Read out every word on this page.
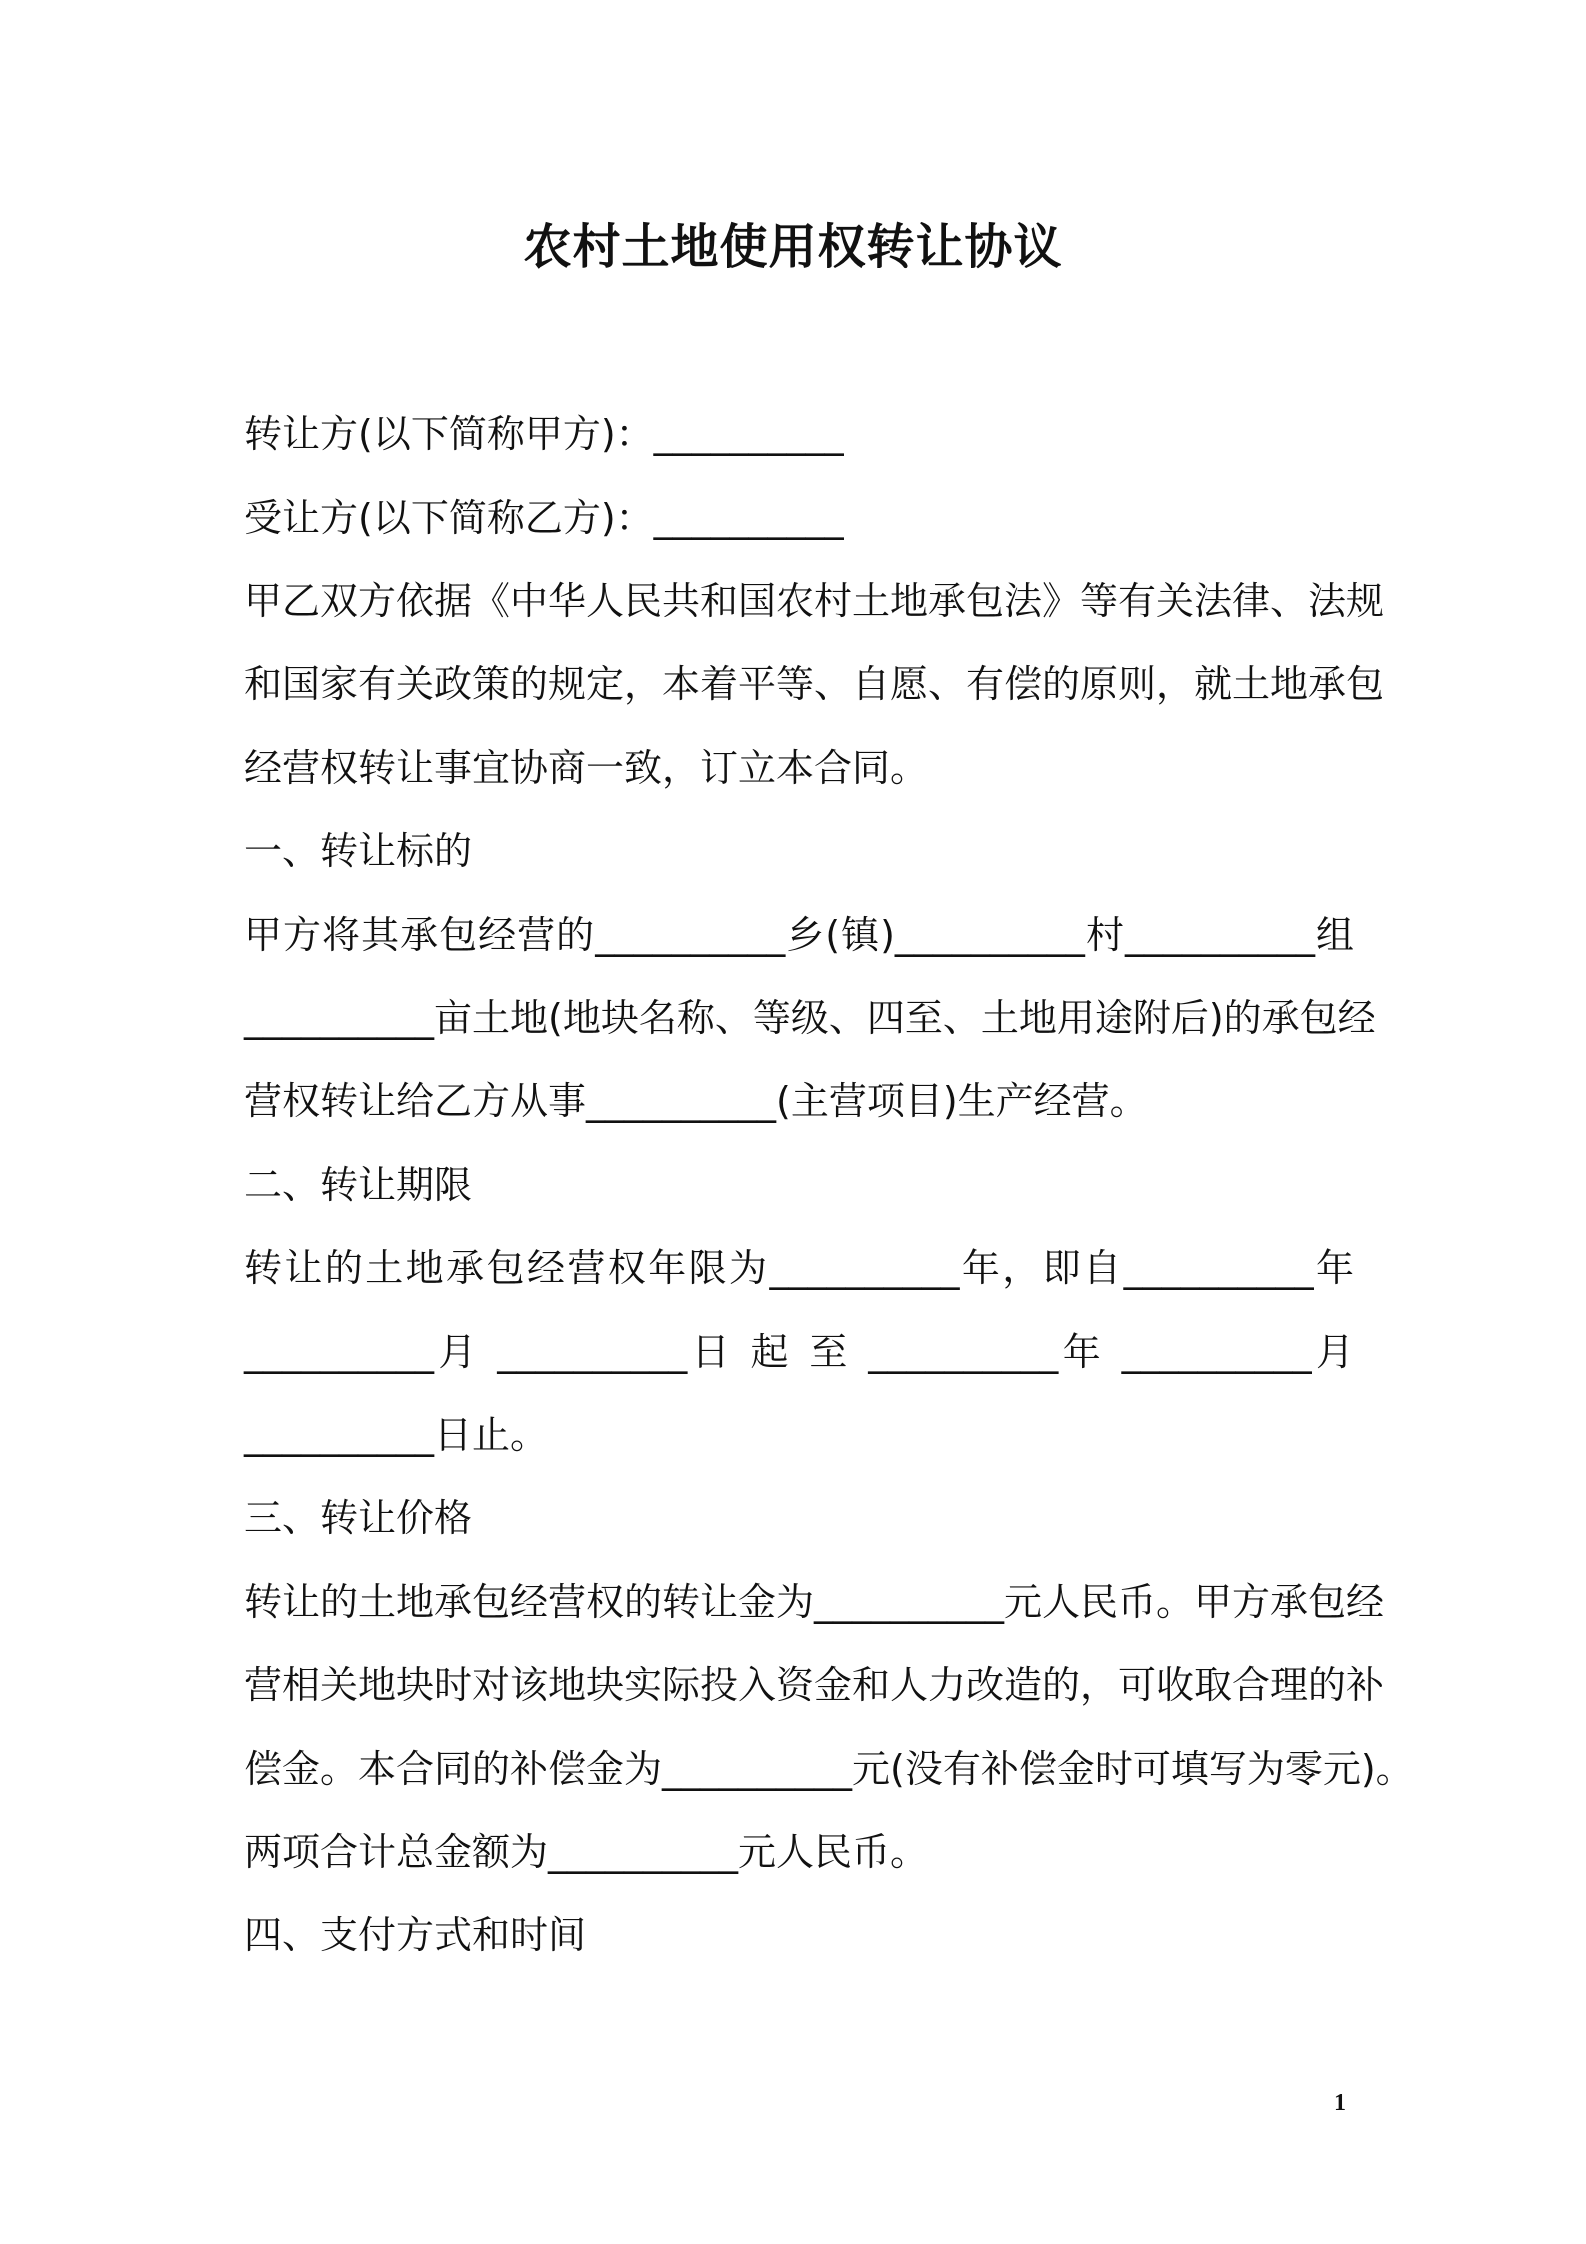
农村土地使用权转让协议
转让方(以下简称甲方)：__________
受让方(以下简称乙方)：__________
甲乙双方依据《中华人民共和国农村土地承包法》等有关法律、法规
和国家有关政策的规定，本着平等、自愿、有偿的原则，就土地承包
经营权转让事宜协商一致，订立本合同。
一、转让标的
甲方将其承包经营的__________乡(镇)__________村__________组
__________亩土地(地块名称、等级、四至、土地用途附后)的承包经
营权转让给乙方从事__________(主营项目)生产经营。
二、转让期限
转让的土地承包经营权年限为__________年，即自__________年
__________月 __________日 起 至 __________年 __________月
__________日止。
三、转让价格
转让的土地承包经营权的转让金为__________元人民币。甲方承包经
营相关地块时对该地块实际投入资金和人力改造的，可收取合理的补
偿金。本合同的补偿金为__________元(没有补偿金时可填写为零元)。
两项合计总金额为__________元人民币。
四、支付方式和时间
1
